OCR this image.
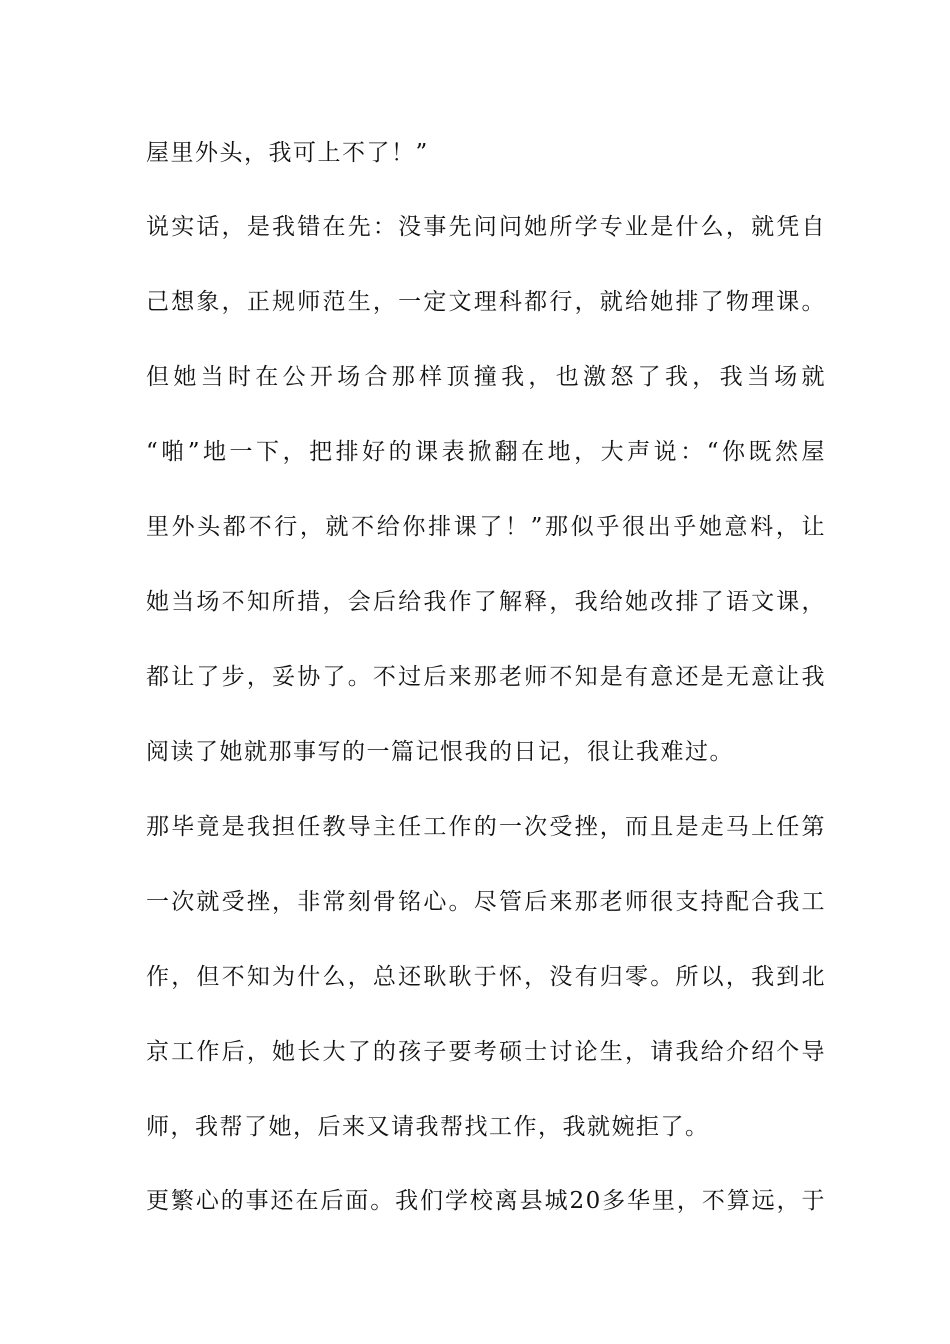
屋里外头，我可上不了！”
说实话，是我错在先：没事先问问她所学专业是什么，就凭自
己想象，正规师范生，一定文理科都行，就给她排了物理课。
但她当时在公开场合那样顶撞我，也激怒了我，我当场就
“啪”地一下，把排好的课表掀翻在地，大声说：“你既然屋
里外头都不行，就不给你排课了！”那似乎很出乎她意料，让
她当场不知所措，会后给我作了解释，我给她改排了语文课，
都让了步，妥协了。不过后来那老师不知是有意还是无意让我
阅读了她就那事写的一篇记恨我的日记，很让我难过。
那毕竟是我担任教导主任工作的一次受挫，而且是走马上任第
一次就受挫，非常刻骨铭心。尽管后来那老师很支持配合我工
作，但不知为什么，总还耿耿于怀，没有归零。所以，我到北
京工作后，她长大了的孩子要考硕士讨论生，请我给介绍个导
师，我帮了她，后来又请我帮找工作，我就婉拒了。
更繁心的事还在后面。我们学校离县城20多华里，不算远，于
